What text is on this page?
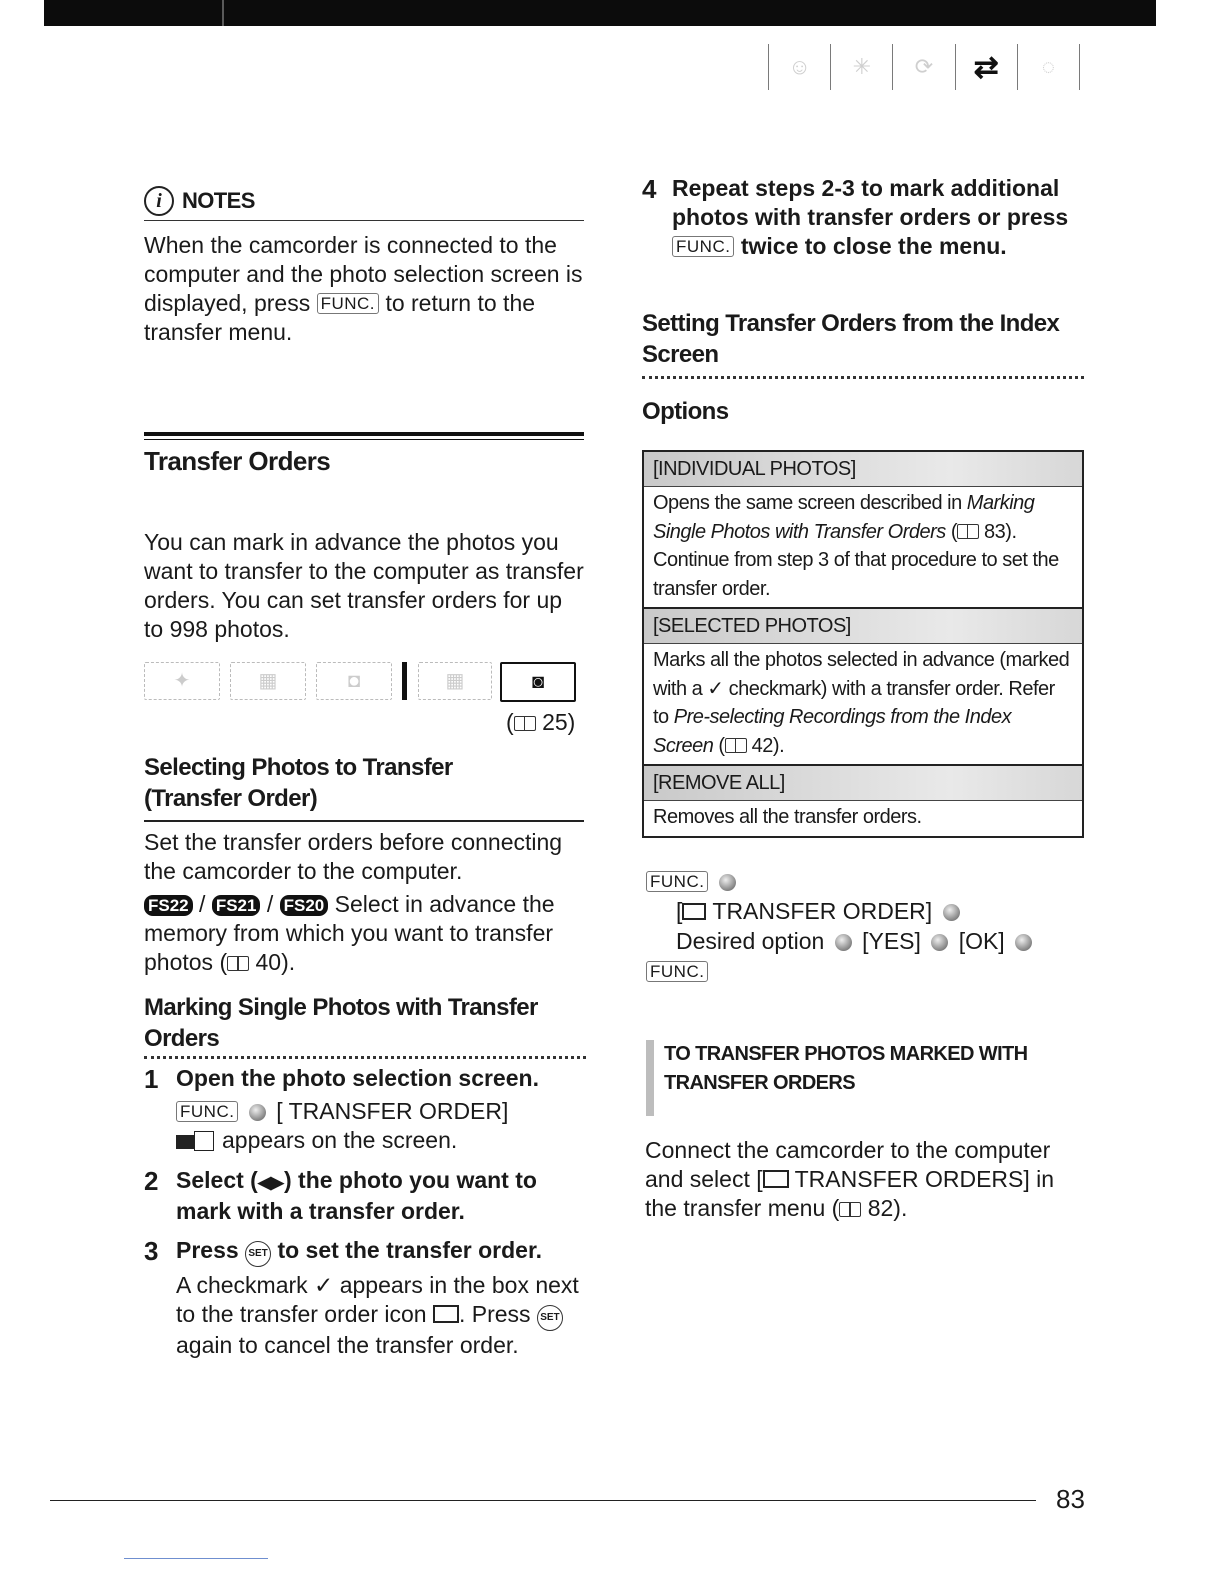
☺	✳	⟳	⇄	◌
i NOTES
When the camcorder is connected to the computer and the photo selection screen is displayed, press FUNC. to return to the transfer menu.
Transfer Orders
You can mark in advance the photos you want to transfer to the computer as transfer orders. You can set transfer orders for up to 998 photos.
✦	▦	◘	▦	◙
( 25)
Selecting Photos to Transfer
(Transfer Order)
Set the transfer orders before connecting the camcorder to the computer.
FS22 / FS21 / FS20 Select in advance the memory from which you want to transfer photos ( 40).
Marking Single Photos with Transfer
Orders
1 Open the photo selection screen.
FUNC. [ TRANSFER ORDER]
appears on the screen.
2 Select (◀▶) the photo you want to mark with a transfer order.
3 Press SET to set the transfer order.
A checkmark ✓ appears in the box next to the transfer order icon . Press SET again to cancel the transfer order.
4 Repeat steps 2-3 to mark additional photos with transfer orders or press FUNC. twice to close the menu.
Setting Transfer Orders from the Index
Screen
Options
[INDIVIDUAL PHOTOS]
Opens the same screen described in Marking Single Photos with Transfer Orders ( 83). Continue from step 3 of that procedure to set the transfer order.
[SELECTED PHOTOS]
Marks all the photos selected in advance (marked with a ✓ checkmark) with a transfer order. Refer to Pre-selecting Recordings from the Index Screen ( 42).
[REMOVE ALL]
Removes all the transfer orders.
FUNC.
[ TRANSFER ORDER]
Desired option [YES] [OK]
FUNC.
TO TRANSFER PHOTOS MARKED WITH
TRANSFER ORDERS
Connect the camcorder to the computer and select [ TRANSFER ORDERS] in the transfer menu ( 82).
83
